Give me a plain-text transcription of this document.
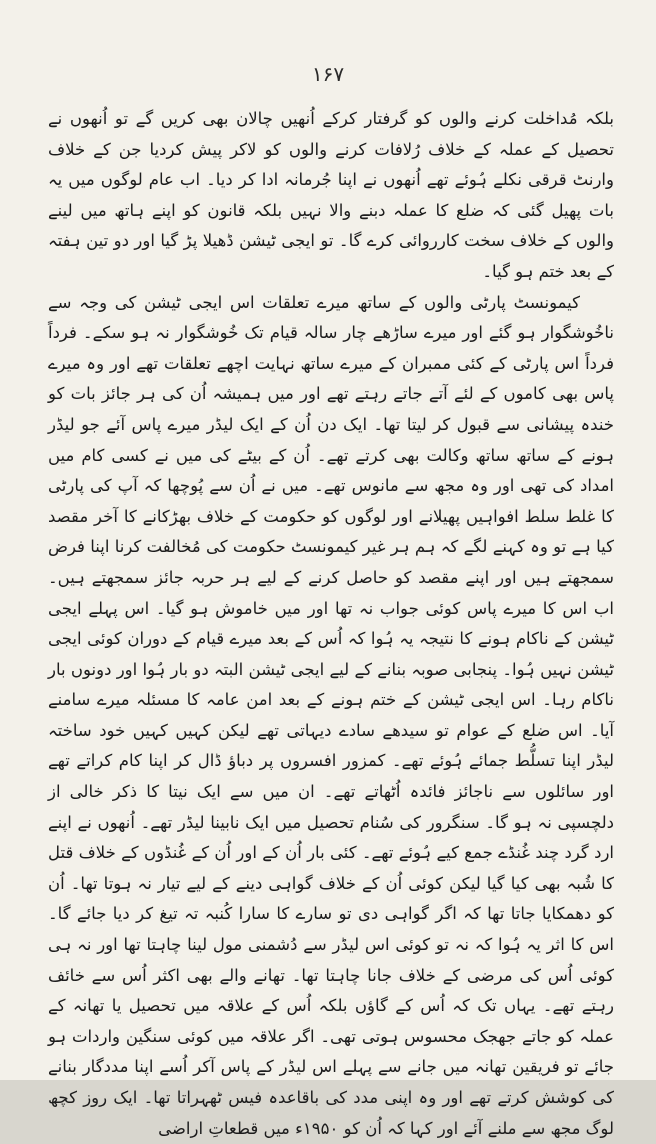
۱۶۷

بلکہ مُداخلت کرنے والوں کو گرفتار کرکے اُنھیں چالان بھی کریں گے تو اُنھوں نے تحصیل کے عملہ کے خلاف رُلافات کرنے والوں کو لاکر پیش کردیا جن کے خلاف وارنٹ قرقی نکلے ہُوئے تھے اُنھوں نے اپنا جُرمانہ ادا کر دیا۔ اب عام لوگوں میں یہ بات پھیل گئی کہ ضلع کا عملہ دبنے والا نہیں بلکہ قانون کو اپنے ہاتھ میں لینے والوں کے خلاف سخت کارروائی کرے گا۔ تو ایجی ٹیشن ڈھیلا پڑ گیا اور دو تین ہفتہ کے بعد ختم ہو گیا۔

کیمونسٹ پارٹی والوں کے ساتھ میرے تعلقات اس ایجی ٹیشن کی وجہ سے ناخُوشگوار ہو گئے اور میرے ساڑھے چار سالہ قیام تک خُوشگوار نہ ہو سکے۔ فرداً فرداً اس پارٹی کے کئی ممبران کے میرے ساتھ نہایت اچھے تعلقات تھے اور وہ میرے پاس بھی کاموں کے لئے آتے جاتے رہتے تھے اور میں ہمیشہ اُن کی ہر جائز بات کو خندہ پیشانی سے قبول کر لیتا تھا۔ ایک دن اُن کے ایک لیڈر میرے پاس آئے جو لیڈر ہونے کے ساتھ ساتھ وکالت بھی کرتے تھے۔ اُن کے بیٹے کی میں نے کسی کام میں امداد کی تھی اور وہ مجھ سے مانوس تھے۔ میں نے اُن سے پُوچھا کہ آپ کی پارٹی کا غلط سلط افواہیں پھیلانے اور لوگوں کو حکومت کے خلاف بھڑکانے کا آخر مقصد کیا ہے تو وہ کہنے لگے کہ ہم ہر غیر کیمونسٹ حکومت کی مُخالفت کرنا اپنا فرض سمجھتے ہیں اور اپنے مقصد کو حاصل کرنے کے لیے ہر حربہ جائز سمجھتے ہیں۔ اب اس کا میرے پاس کوئی جواب نہ تھا اور میں خاموش ہو گیا۔ اس پہلے ایجی ٹیشن کے ناکام ہونے کا نتیجہ یہ ہُوا کہ اُس کے بعد میرے قیام کے دوران کوئی ایجی ٹیشن نہیں ہُوا۔ پنجابی صوبہ بنانے کے لیے ایجی ٹیشن البتہ دو بار ہُوا اور دونوں بار ناکام رہا۔ اس ایجی ٹیشن کے ختم ہونے کے بعد امن عامہ کا مسئلہ میرے سامنے آیا۔ اس ضلع کے عوام تو سیدھے سادے دیہاتی تھے لیکن کہیں کہیں خود ساختہ لیڈر اپنا تسلُّط جمائے ہُوئے تھے۔ کمزور افسروں پر دباؤ ڈال کر اپنا کام کراتے تھے اور سائلوں سے ناجائز فائدہ اُٹھاتے تھے۔ ان میں سے ایک نیتا کا ذکر خالی از دلچسپی نہ ہو گا۔ سنگرور کی سُنام تحصیل میں ایک نابینا لیڈر تھے۔ اُنھوں نے اپنے ارد گرد چند غُنڈے جمع کیے ہُوئے تھے۔ کئی بار اُن کے اور اُن کے غُنڈوں کے خلاف قتل کا شُبہ بھی کیا گیا لیکن کوئی اُن کے خلاف گواہی دینے کے لیے تیار نہ ہوتا تھا۔ اُن کو دھمکایا جاتا تھا کہ اگر گواہی دی تو سارے کا سارا کُنبہ تہ تیغ کر دیا جائے گا۔ اس کا اثر یہ ہُوا کہ نہ تو کوئی اس لیڈر سے دُشمنی مول لینا چاہتا تھا اور نہ ہی کوئی اُس کی مرضی کے خلاف جانا چاہتا تھا۔ تھانے والے بھی اکثر اُس سے خائف رہتے تھے۔ یہاں تک کہ اُس کے گاؤں بلکہ اُس کے علاقہ میں تحصیل یا تھانہ کے عملہ کو جاتے جھجک محسوس ہوتی تھی۔ اگر علاقہ میں کوئی سنگین واردات ہو جائے تو فریقین تھانہ میں جانے سے پہلے اس لیڈر کے پاس آکر اُسے اپنا مددگار بنانے کی کوشش کرتے تھے اور وہ اپنی مدد کی باقاعدہ فیس ٹھہراتا تھا۔ ایک روز کچھ لوگ مجھ سے ملنے آئے اور کہا کہ اُن کو ۱۹۵۰ء میں قطعاتِ اراضی
